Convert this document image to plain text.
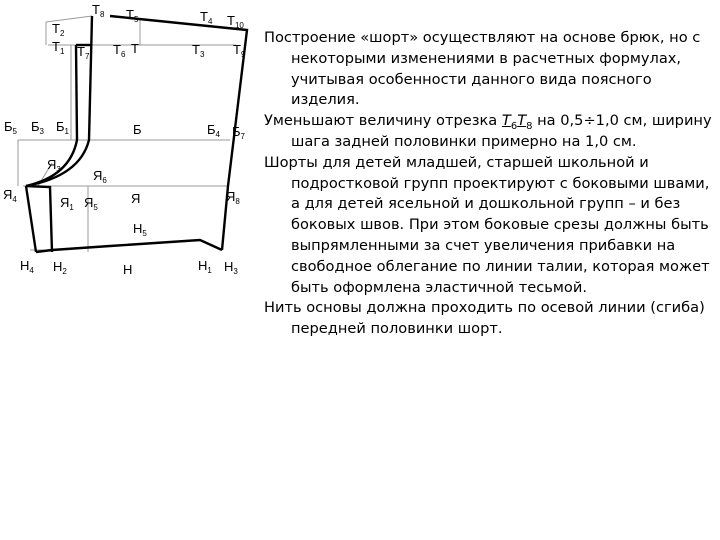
$Т_8$ $Т_5$	$Т_4$ $Т_{10}$
$Т_2$
$Т_1$ $Т_7$ $Т_6$ Т	$Т_3$ $Т_9$
$Б_5$ $Б_3$ $Б_1$	Б	$Б_4$ $Б_7$
$Я_3$ $Я_6$
$Я_4$	$Я_1$ $Я_5$
Я	$Я_8$
$Н_5$
$Н_4$ $Н_2$	Н	$Н_1$ $Н_3$

Построение «шорт» осуществляют на основе брюк, но с некоторыми изменениями в расчетных формулах, учитывая особенности данного вида поясного изделия.

Уменьшают величину отрезка $Т_6Т_8$ на 0,5÷1,0 см, ширину шага задней половинки примерно на 1,0 см.

Шорты для детей младшей, старшей школьной и подростковой групп проектируют с боковыми швами, а для детей ясельной и дошкольной групп – и без боковых швов. При этом боковые срезы должны быть выпрямленными за счет увеличения прибавки на свободное облегание по линии талии, которая может быть оформлена эластичной тесьмой.

Нить основы должна проходить по осевой линии (сгиба) передней половинки шорт.
